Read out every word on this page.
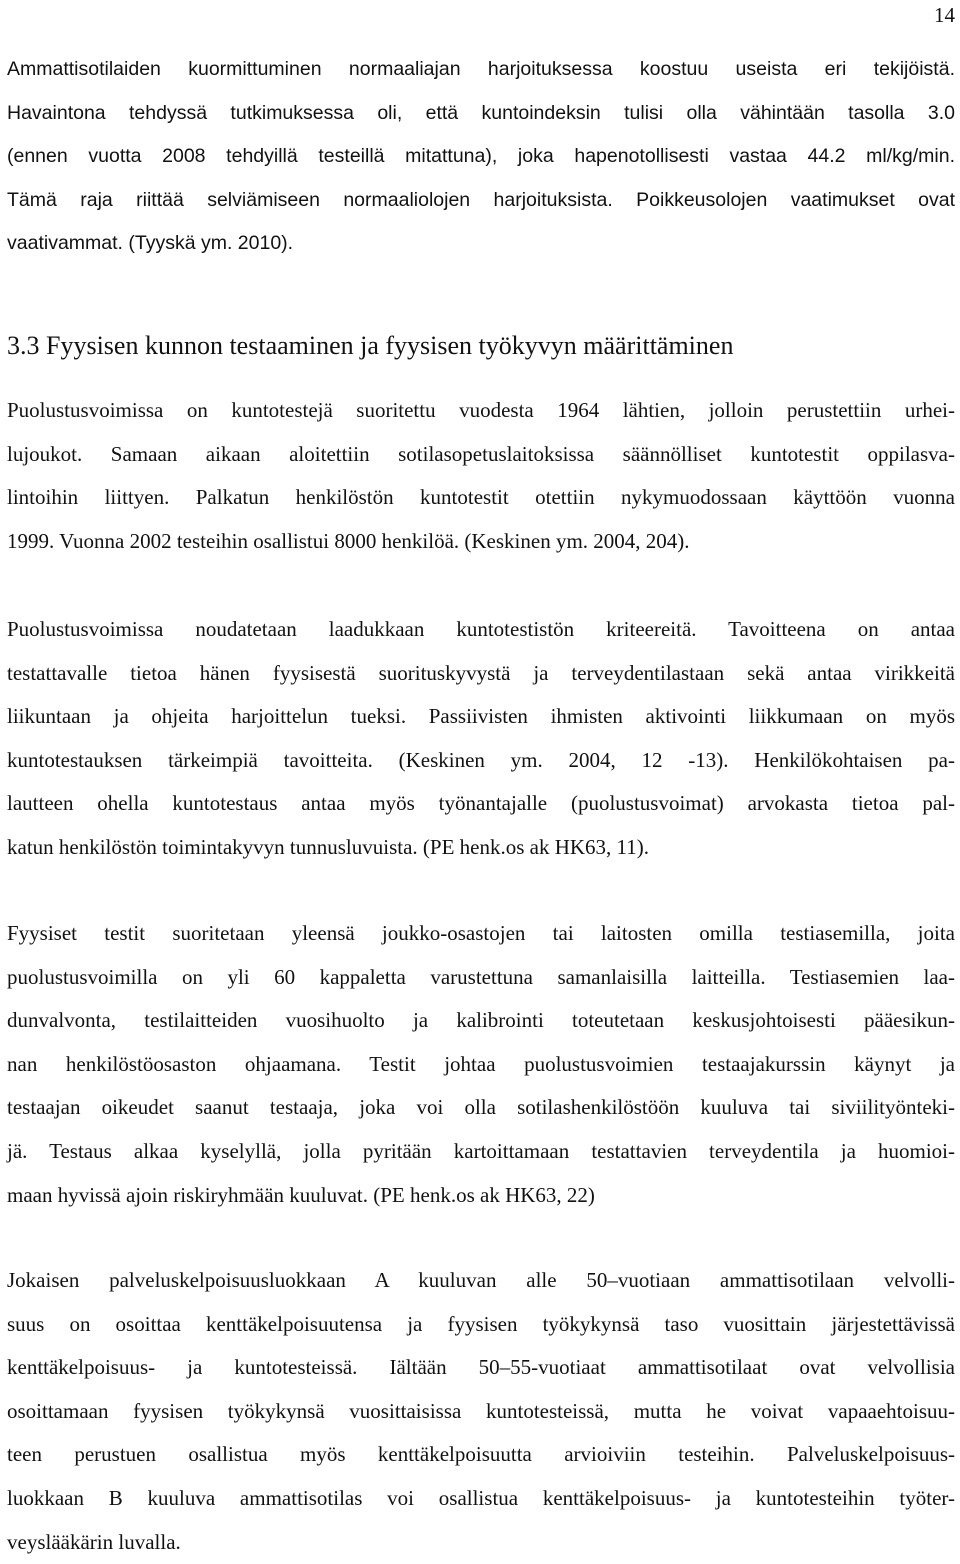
14
Ammattisotilaiden kuormittuminen normaaliajan harjoituksessa koostuu useista eri tekijöistä.
Havaintona tehdyssä tutkimuksessa oli, että kuntoindeksin tulisi olla vähintään tasolla 3.0
(ennen vuotta 2008 tehdyillä testeillä mitattuna), joka hapenotollisesti vastaa 44.2 ml/kg/min.
Tämä raja riittää selviämiseen normaaliolojen harjoituksista. Poikkeusolojen vaatimukset ovat
vaativammat. (Tyyskä ym. 2010).
3.3 Fyysisen kunnon testaaminen ja fyysisen työkyvyn määrittäminen
Puolustusvoimissa on kuntotestejä suoritettu vuodesta 1964 lähtien, jolloin perustettiin urhei-
lujoukot. Samaan aikaan aloitettiin sotilasopetuslaitoksissa säännölliset kuntotestit oppilasva-
lintoihin liittyen. Palkatun henkilöstön kuntotestit otettiin nykymuodossaan käyttöön vuonna
1999. Vuonna 2002 testeihin osallistui 8000 henkilöä. (Keskinen ym. 2004, 204).
Puolustusvoimissa noudatetaan laadukkaan kuntotestistön kriteereitä. Tavoitteena on antaa
testattavalle tietoa hänen fyysisestä suorituskyvystä ja terveydentilastaan sekä antaa virikkeitä
liikuntaan ja ohjeita harjoittelun tueksi. Passiivisten ihmisten aktivointi liikkumaan on myös
kuntotestauksen tärkeimpiä tavoitteita. (Keskinen ym. 2004, 12 -13). Henkilökohtaisen pa-
lautteen ohella kuntotestaus antaa myös työnantajalle (puolustusvoimat) arvokasta tietoa pal-
katun henkilöstön toimintakyvyn tunnusluvuista. (PE henk.os ak HK63, 11).
Fyysiset testit suoritetaan yleensä joukko-osastojen tai laitosten omilla testiasemilla, joita
puolustusvoimilla on yli 60 kappaletta varustettuna samanlaisilla laitteilla. Testiasemien laa-
dunvalvonta, testilaitteiden vuosihuolto ja kalibrointi toteutetaan keskusjohtoisesti pääesikun-
nan henkilöstöosaston ohjaamana. Testit johtaa puolustusvoimien testaajakurssin käynyt ja
testaajan oikeudet saanut testaaja, joka voi olla sotilashenkilöstöön kuuluva tai siviilityönteki-
jä. Testaus alkaa kyselyllä, jolla pyritään kartoittamaan testattavien terveydentila ja huomioi-
maan hyvissä ajoin riskiryhmään kuuluvat. (PE henk.os ak HK63, 22)
Jokaisen palveluskelpoisuusluokkaan A kuuluvan alle 50–vuotiaan ammattisotilaan velvolli-
suus on osoittaa kenttäkelpoisuutensa ja fyysisen työkykynsä taso vuosittain järjestettävissä
kenttäkelpoisuus- ja kuntotesteissä. Iältään 50–55-vuotiaat ammattisotilaat ovat velvollisia
osoittamaan fyysisen työkykynsä vuosittaisissa kuntotesteissä, mutta he voivat vapaaehtoisuu-
teen perustuen osallistua myös kenttäkelpoisuutta arvioiviin testeihin. Palveluskelpoisuus-
luokkaan B kuuluva ammattisotilas voi osallistua kenttäkelpoisuus- ja kuntotesteihin työter-
veyslääkärin luvalla.
